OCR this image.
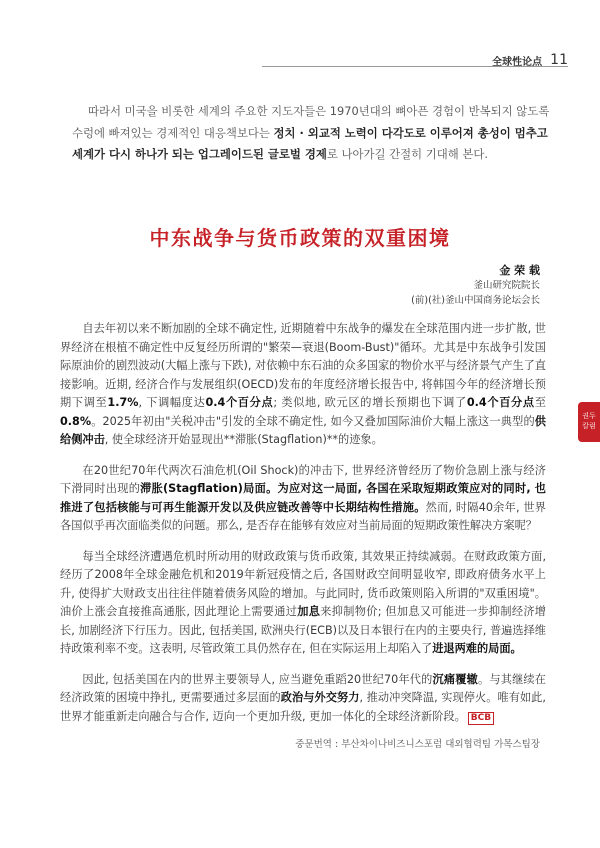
全球性论点 11
권두
칼럼
따라서 미국을 비롯한 세계의 주요한 지도자들은 1970년대의 뼈아픈 경험이 반복되지 않도록
수렁에 빠져있는 경제적인 대응책보다는 정치 · 외교적 노력이 다각도로 이루어져 총성이 멈추고
세계가 다시 하나가 되는 업그레이드된 글로벌 경제로 나아가길 간절히 기대해 본다.
中东战争与货币政策的双重困境
金 荣 载
釜山研究院院长
(前)(社)釜山中国商务论坛会长

自去年初以来不断加剧的全球不确定性, 近期随着中东战争的爆发在全球范围内进一步扩散, 世界经济在根植不确定性中反复经历所谓的"繁荣—衰退(Boom-Bust)"循环。尤其是中东战争引发国际原油价的剧烈波动(大幅上涨与下跌), 对依赖中东石油的众多国家的物价水平与经济景气产生了直接影响。近期, 经济合作与发展组织(OECD)发布的年度经济增长报告中, 将韩国今年的经济增长预期下调至1.7%, 下调幅度达0.4个百分点; 类似地, 欧元区的增长预期也下调了0.4个百分点至0.8%。2025年初由"关税冲击"引发的全球不确定性, 如今又叠加国际油价大幅上涨这一典型的供给侧冲击, 使全球经济开始显现出**滞胀(Stagflation)**的迹象。

在20世纪70年代两次石油危机(Oil Shock)的冲击下, 世界经济曾经历了物价急剧上涨与经济下滑同时出现的滞胀(Stagflation)局面。为应对这一局面, 各国在采取短期政策应对的同时, 也推进了包括核能与可再生能源开发以及供应链改善等中长期结构性措施。然而, 时隔40余年, 世界各国似乎再次面临类似的问题。那么, 是否存在能够有效应对当前局面的短期政策性解决方案呢？

每当全球经济遭遇危机时所动用的财政政策与货币政策, 其效果正持续减弱。在财政政策方面, 经历了2008年全球金融危机和2019年新冠疫情之后, 各国财政空间明显收窄, 即政府债务水平上升, 使得扩大财政支出往往伴随着债务风险的增加。与此同时, 货币政策则陷入所谓的"双重困境"。油价上涨会直接推高通胀, 因此理论上需要通过加息来抑制物价; 但加息又可能进一步抑制经济增长, 加剧经济下行压力。因此, 包括美国, 欧洲央行(ECB)以及日本银行在内的主要央行, 普遍选择维持政策利率不变。这表明, 尽管政策工具仍然存在, 但在实际运用上却陷入了进退两难的局面。

因此, 包括美国在内的世界主要领导人, 应当避免重蹈20世纪70年代的沉痛覆辙。与其继续在经济政策的困境中挣扎, 更需要通过多层面的政治与外交努力, 推动冲突降温, 实现停火。唯有如此, 世界才能重新走向融合与合作, 迈向一个更加升级, 更加一体化的全球经济新阶段。 BCB

중문번역 : 부산차이나비즈니스포럼 대외협력팀 가목스팀장
